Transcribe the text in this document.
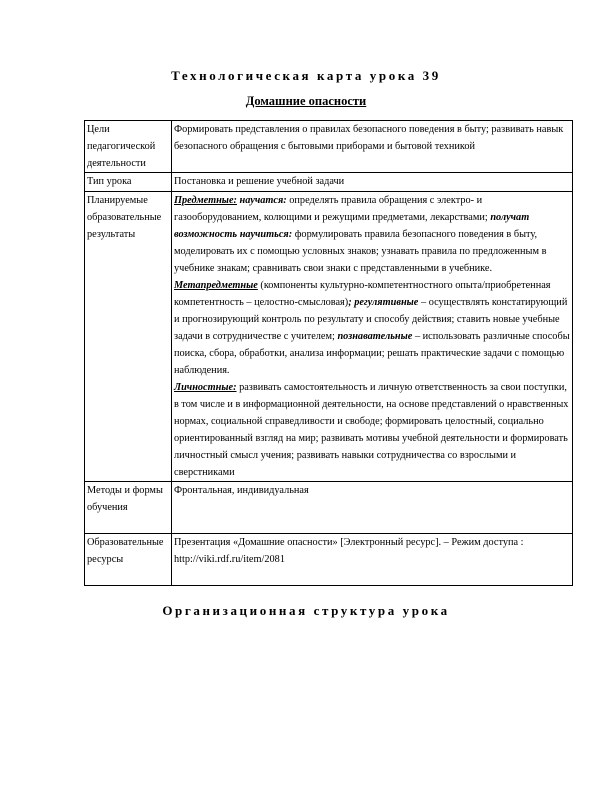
Технологическая карта урока 39
Домашние опасности
Цели педагогической деятельности	Формировать представления о правилах безопасного поведения в быту; развивать навык безопасного обращения с бытовыми приборами и бытовой техникой
Тип урока	Постановка и решение учебной задачи
Планируемые образовательные результаты	Предметные: научатся: определять правила обращения с электро- и газооборудованием, колющими и режущими предметами, лекарствами; получат возможность научиться: формулировать правила безопасного поведения в быту, моделировать их с помощью условных знаков; узнавать правила по предложенным в учебнике знакам; сравнивать свои знаки с представленными в учебнике.
Метапредметные (компоненты культурно-компетентностного опыта/приобретенная компетентность – целостно-смысловая); регулятивные – осуществлять констатирующий и прогнозирующий контроль по результату и способу действия; ставить новые учебные задачи в сотрудничестве с учителем; познавательные – использовать различные способы поиска, сбора, обработки, анализа информации; решать практические задачи с помощью наблюдения.
Личностные: развивать самостоятельность и личную ответственность за свои поступки, в том числе и в информационной деятельности, на основе представлений о нравственных нормах, социальной справедливости и свободе; формировать целостный, социально ориентированный взгляд на мир; развивать мотивы учебной деятельности и формировать личностный смысл учения; развивать навыки сотрудничества со взрослыми и сверстниками
Методы и формы обучения	Фронтальная, индивидуальная
Образовательные ресурсы	Презентация «Домашние опасности» [Электронный ресурс]. – Режим доступа : http://viki.rdf.ru/item/2081
Организационная структура урока
